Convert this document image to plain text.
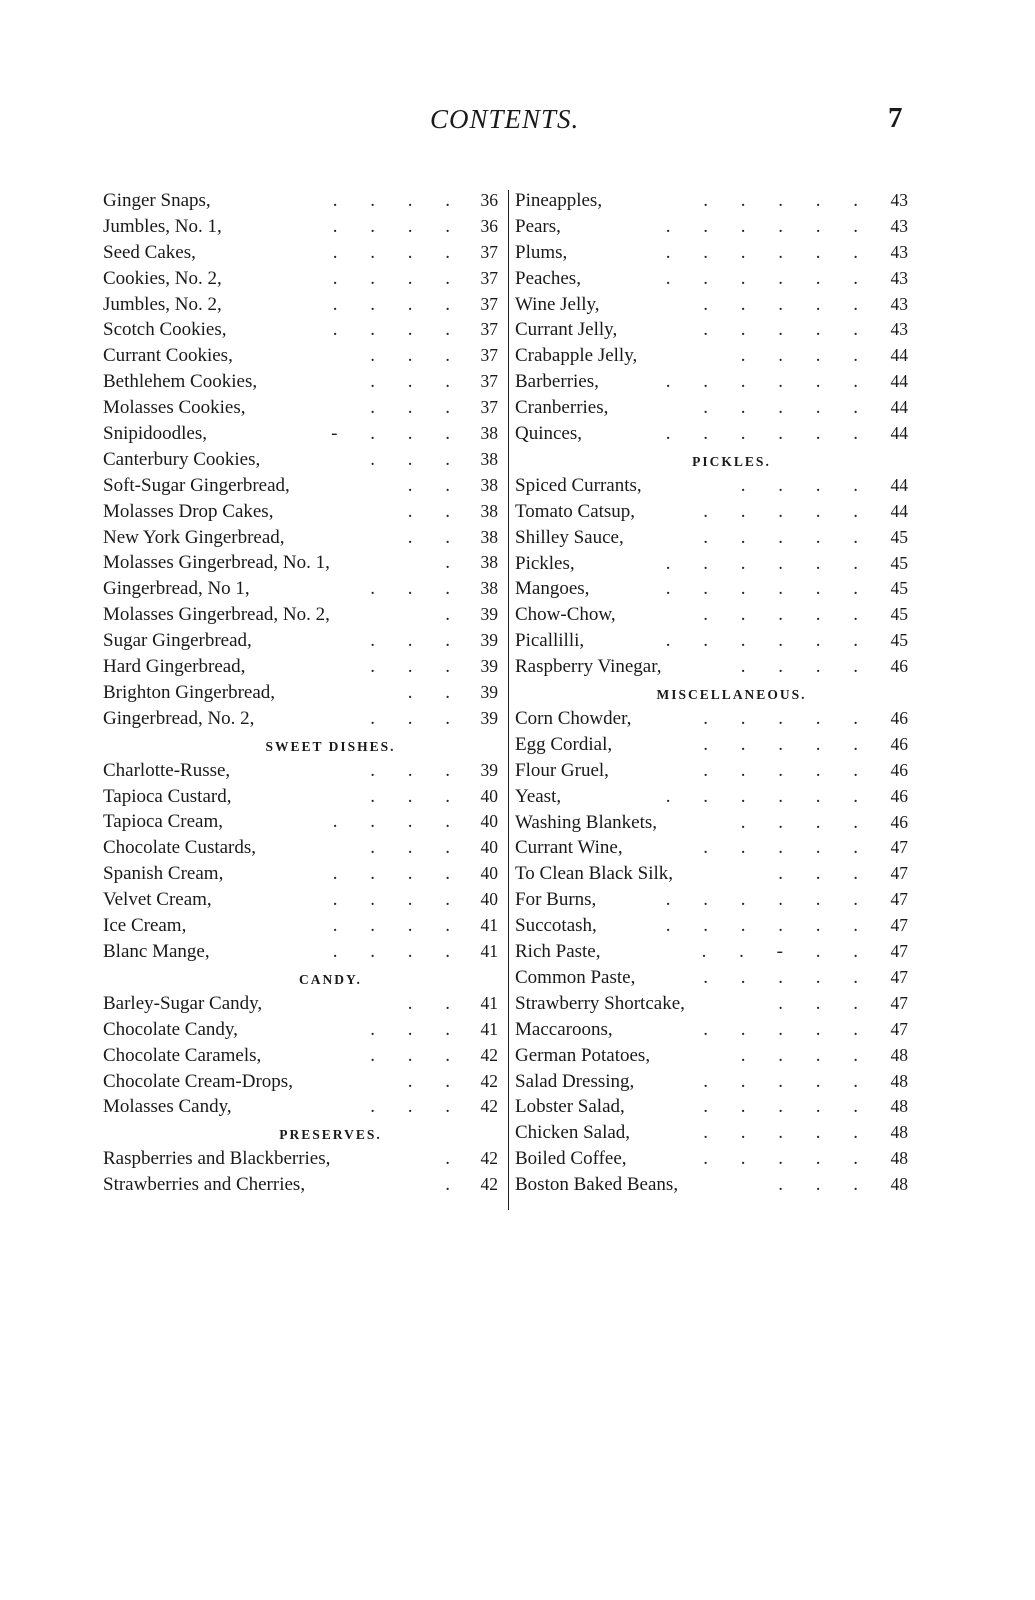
CONTENTS.	7
Ginger Snaps,	. . . . 36
Jumbles, No. 1,	. . . . 36
Seed Cakes,	. . . . 37
Cookies, No. 2,	. . . . 37
Jumbles, No. 2,	. . . . 37
Scotch Cookies,	. . . . 37
Currant Cookies,	. . . 37
Bethlehem Cookies,	. . . 37
Molasses Cookies,	. . . 37
Snipidoodles,	- . . . 38
Canterbury Cookies,	. . . 38
Soft-Sugar Gingerbread,	. . 38
Molasses Drop Cakes,	. . 38
New York Gingerbread,	. . 38
Molasses Gingerbread, No. 1,	. 38
Gingerbread, No 1,	. . . 38
Molasses Gingerbread, No. 2,	. 39
Sugar Gingerbread,	. . . 39
Hard Gingerbread,	. . . 39
Brighton Gingerbread,	. . 39
Gingerbread, No. 2,	. . . 39
SWEET DISHES.
Charlotte-Russe,	. . . 39
Tapioca Custard,	. . . 40
Tapioca Cream,	. . . . 40
Chocolate Custards,	. . . 40
Spanish Cream,	. . . . 40
Velvet Cream,	. . . . 40
Ice Cream,	. . . . 41
Blanc Mange,	. . . . 41
CANDY.
Barley-Sugar Candy,	. . 41
Chocolate Candy,	. . . 41
Chocolate Caramels,	. . . 42
Chocolate Cream-Drops,	. . 42
Molasses Candy,	. . . 42
PRESERVES.
Raspberries and Blackberries,	. 42
Strawberries and Cherries,	. 42
Pineapples,	. . . . .	43
Pears,	. . . . . .	43
Plums,	. . . . . .	43
Peaches,	. . . . . .	43
Wine Jelly,	. . . . .	43
Currant Jelly,	. . . . .	43
Crabapple Jelly,	. . . .	44
Barberries,	. . . . . .	44
Cranberries,	. . . . .	44
Quinces,	. . . . . .	44
PICKLES.
Spiced Currants,	. . . .	44
Tomato Catsup,	. . . . .	44
Shilley Sauce,	. . . . .	45
Pickles,	. . . . . .	45
Mangoes,	. . . . . .	45
Chow-Chow,	. . . . .	45
Picallilli,	. . . . . .	45
Raspberry Vinegar,	. . . .	46
MISCELLANEOUS.
Corn Chowder,	. . . . .	46
Egg Cordial,	. . . . .	46
Flour Gruel,	. . . . .	46
Yeast,	. . . . . .	46
Washing Blankets,	. . . .	46
Currant Wine,	. . . . .	47
To Clean Black Silk,	. . .	47
For Burns,	. . . . . .	47
Succotash,	. . . . . .	47
Rich Paste,	. . - . .	47
Common Paste,	. . . . .	47
Strawberry Shortcake,	. . .	47
Maccaroons,	. . . . .	47
German Potatoes,	. . . .	48
Salad Dressing,	. . . . .	48
Lobster Salad,	. . . . .	48
Chicken Salad,	. . . . .	48
Boiled Coffee,	. . . . .	48
Boston Baked Beans,	. . .	48
